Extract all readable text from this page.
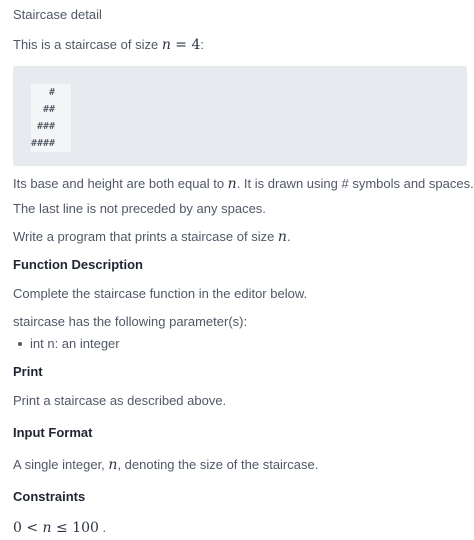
Staircase detail
This is a staircase of size n = 4:
#
##
###
####
Its base and height are both equal to n. It is drawn using # symbols and spaces.
The last line is not preceded by any spaces.
Write a program that prints a staircase of size n.
Function Description
Complete the staircase function in the editor below.
staircase has the following parameter(s):
int n: an integer
Print
Print a staircase as described above.
Input Format
A single integer, n, denoting the size of the staircase.
Constraints
0 < n ≤ 100 .
